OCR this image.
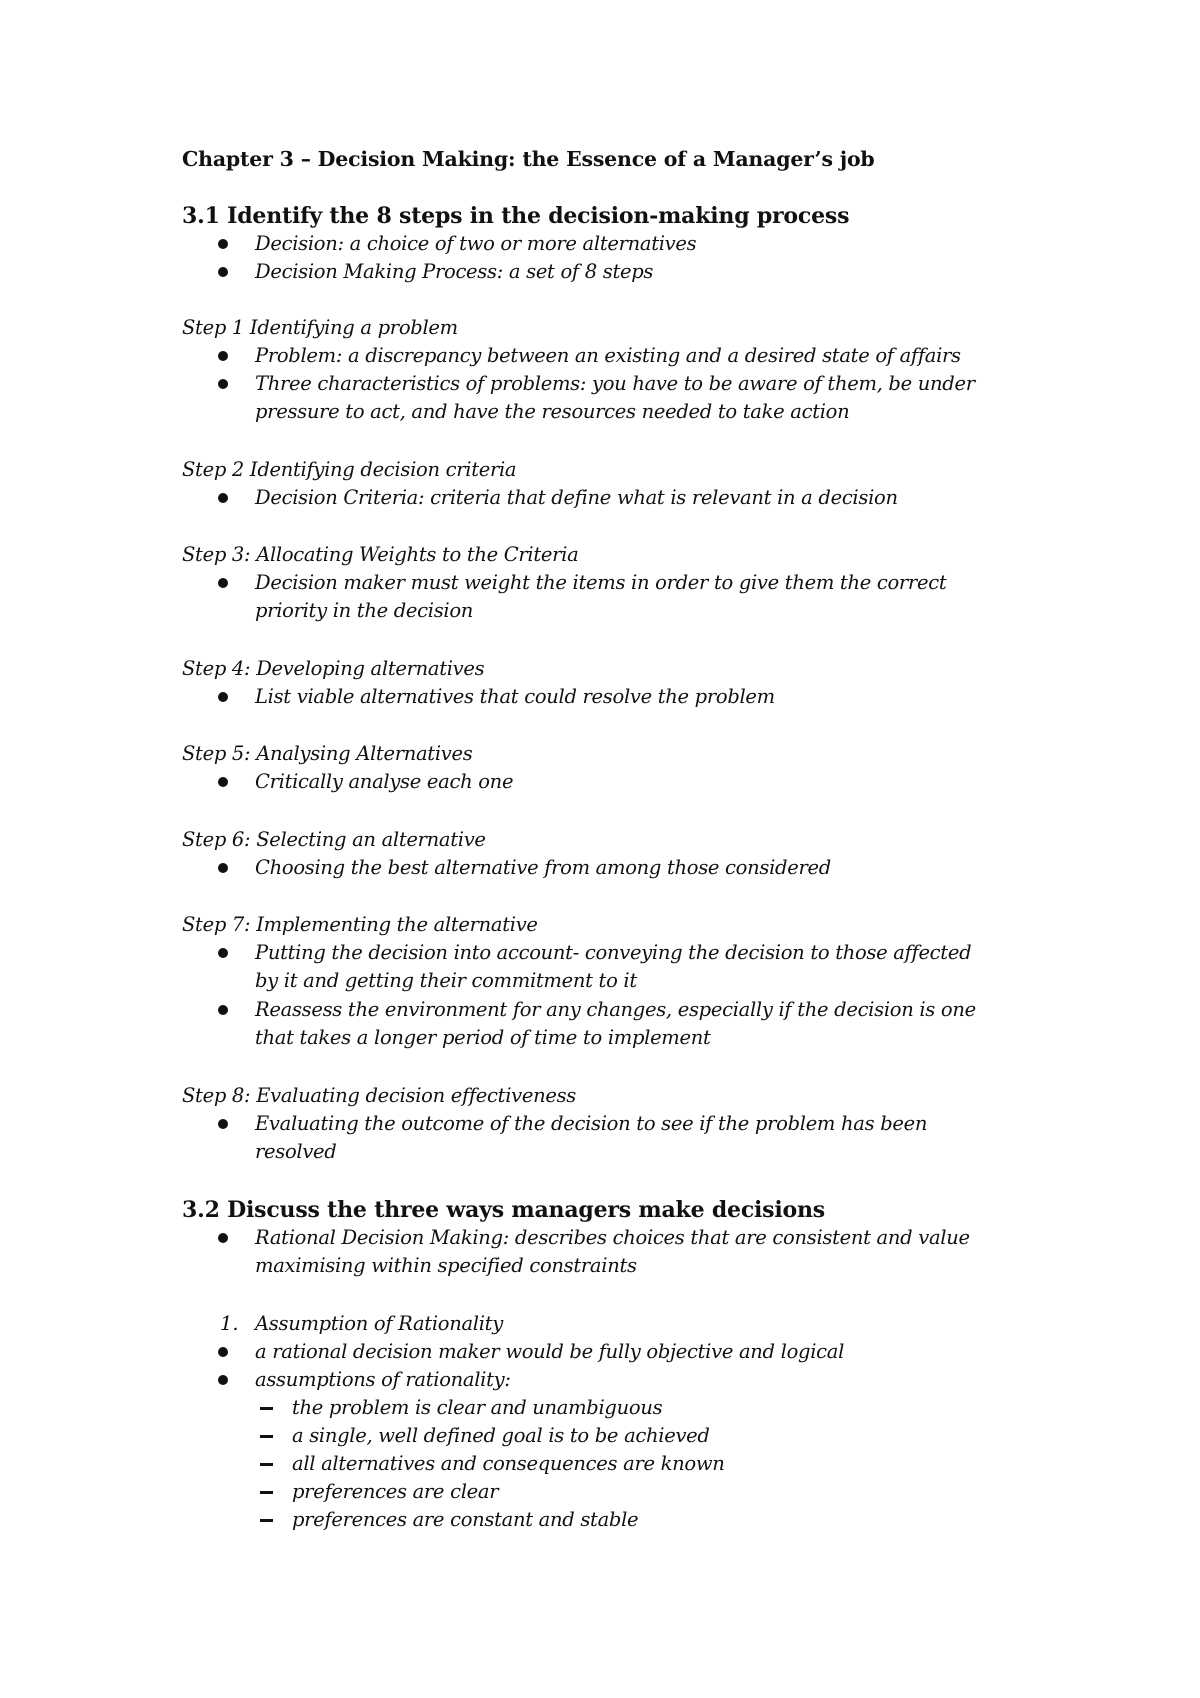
Chapter 3 – Decision Making: the Essence of a Manager’s job
3.1 Identify the 8 steps in the decision-making process
Decision: a choice of two or more alternatives
Decision Making Process: a set of 8 steps
Step 1 Identifying a problem
Problem: a discrepancy between an existing and a desired state of affairs
Three characteristics of problems: you have to be aware of them, be under
pressure to act, and have the resources needed to take action
Step 2 Identifying decision criteria
Decision Criteria: criteria that define what is relevant in a decision
Step 3: Allocating Weights to the Criteria
Decision maker must weight the items in order to give them the correct
priority in the decision
Step 4: Developing alternatives
List viable alternatives that could resolve the problem
Step 5: Analysing Alternatives
Critically analyse each one
Step 6: Selecting an alternative
Choosing the best alternative from among those considered
Step 7: Implementing the alternative
Putting the decision into account- conveying the decision to those affected
by it and getting their commitment to it
Reassess the environment for any changes, especially if the decision is one
that takes a longer period of time to implement
Step 8: Evaluating decision effectiveness
Evaluating the outcome of the decision to see if the problem has been
resolved
3.2 Discuss the three ways managers make decisions
Rational Decision Making: describes choices that are consistent and value
maximising within specified constraints
1. Assumption of Rationality
a rational decision maker would be fully objective and logical
assumptions of rationality:
the problem is clear and unambiguous
a single, well defined goal is to be achieved
all alternatives and consequences are known
preferences are clear
preferences are constant and stable
